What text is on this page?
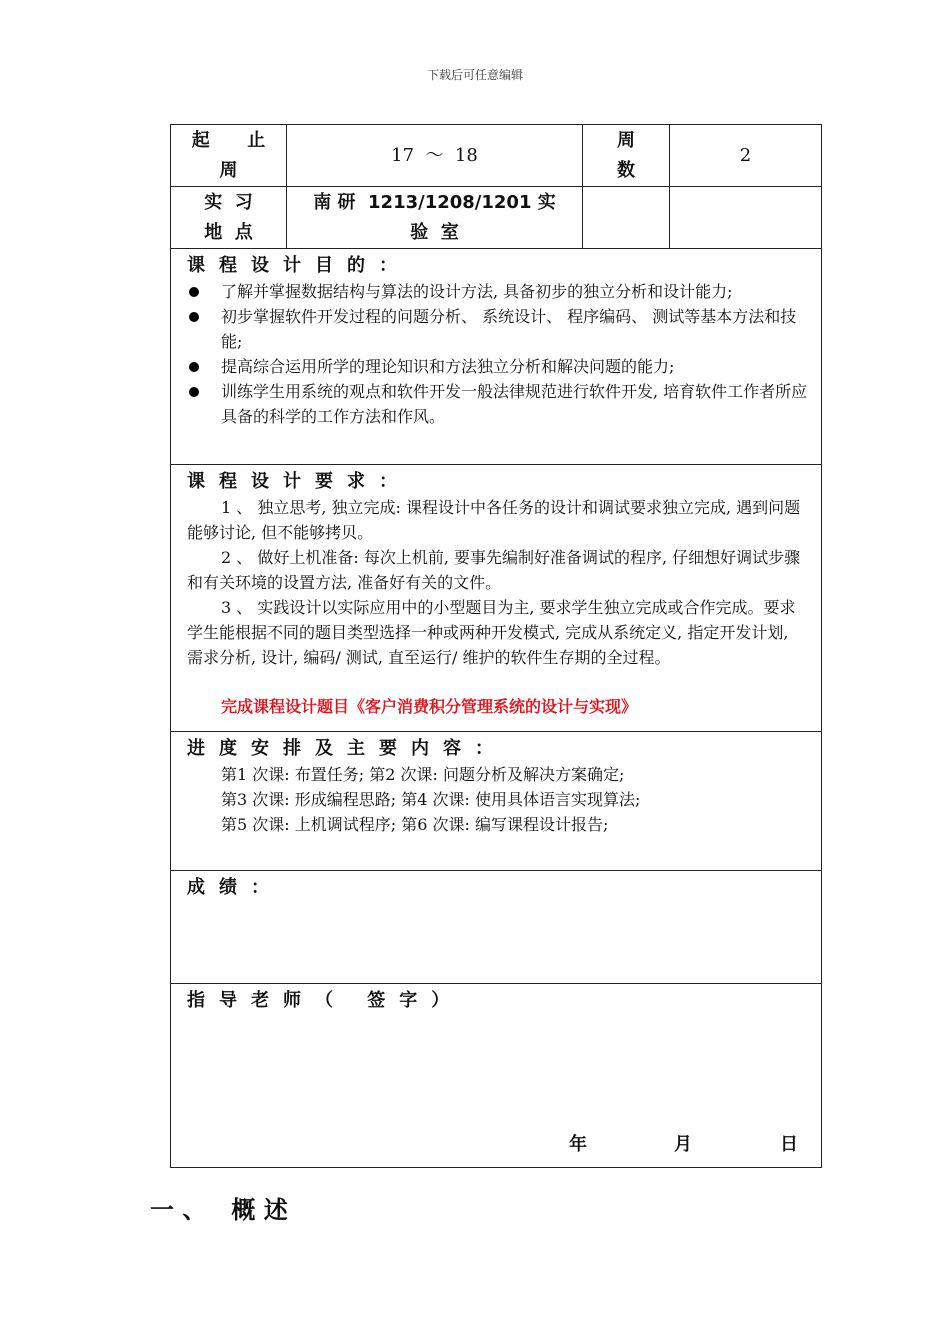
下载后可任意编辑
起      止
周
17  ～  18
周
数
2
实  习
地  点
南 研  1213/1208/1201 实
验  室
课程设计目的：
了解并掌握数据结构与算法的设计方法, 具备初步的独立分析和设计能力;
初步掌握软件开发过程的问题分析、 系统设计、 程序编码、 测试等基本方法和技能;
提高综合运用所学的理论知识和方法独立分析和解决问题的能力;
训练学生用系统的观点和软件开发一般法律规范进行软件开发, 培育软件工作者所应具备的科学的工作方法和作风。
课程设计要求：
1 、 独立思考, 独立完成: 课程设计中各任务的设计和调试要求独立完成, 遇到问题能够讨论, 但不能够拷贝。
2 、 做好上机准备: 每次上机前, 要事先编制好准备调试的程序, 仔细想好调试步骤和有关环境的设置方法, 准备好有关的文件。
3 、 实践设计以实际应用中的小型题目为主, 要求学生独立完成或合作完成。要求学生能根据不同的题目类型选择一种或两种开发模式, 完成从系统定义, 指定开发计划, 需求分析, 设计, 编码/ 测试, 直至运行/ 维护的软件生存期的全过程。
完成课程设计题目《客户消费积分管理系统的设计与实现》
进度安排及主要内容：
第1 次课: 布置任务; 第2 次课: 问题分析及解决方案确定;
第3 次课: 形成编程思路; 第4 次课: 使用具体语言实现算法;
第5 次课: 上机调试程序; 第6 次课: 编写课程设计报告;
成绩：
指导老师（ 签字）
年	月	日
一 、   概 述
